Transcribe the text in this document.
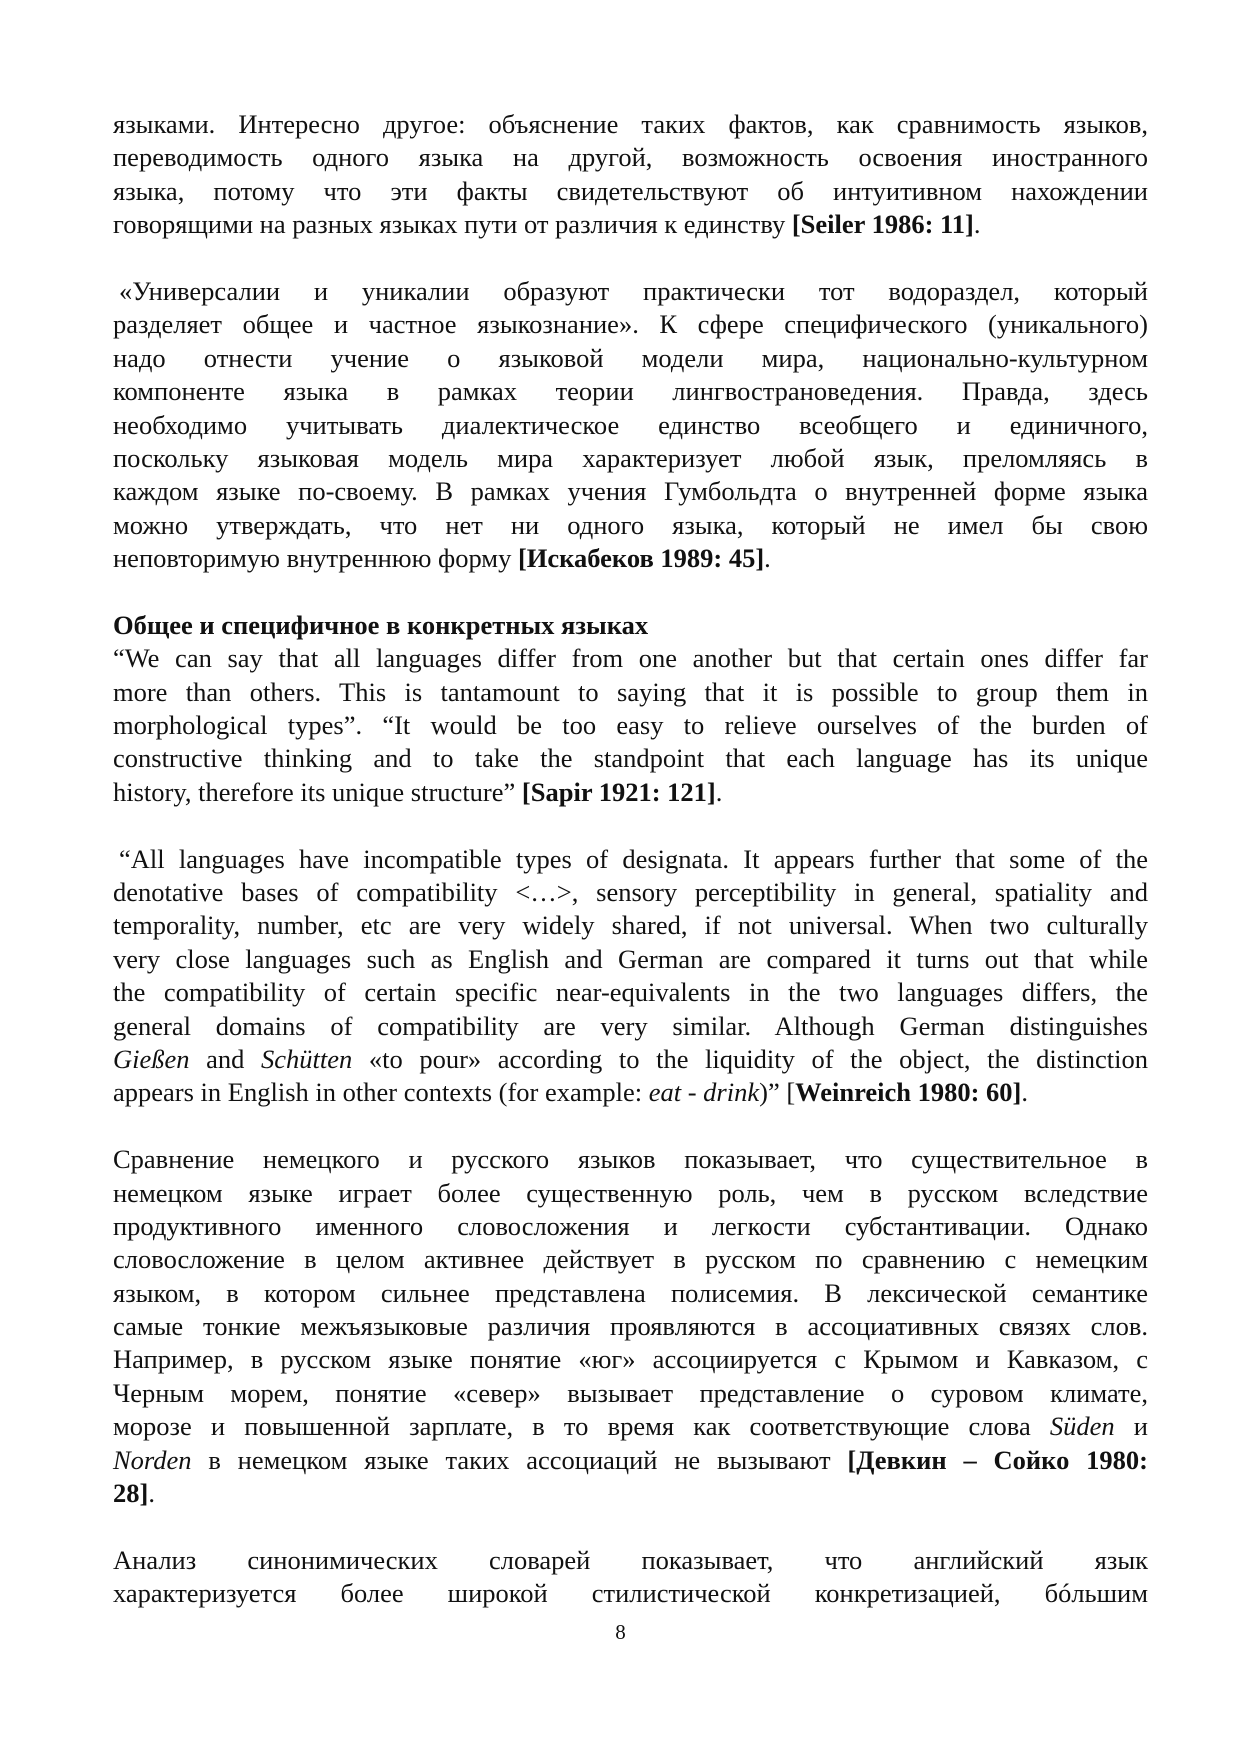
языками. Интересно другое: объяснение таких фактов, как сравнимость языков,
переводимость одного языка на другой, возможность освоения иностранного
языка, потому что эти факты свидетельствуют об интуитивном нахождении
говорящими на разных языках пути от различия к единству [Seiler 1986: 11].
«Универсалии и уникалии образуют практически тот водораздел, который
разделяет общее и частное языкознание». К сфере специфического (уникального)
надо отнести учение о языковой модели мира, национально-культурном
компоненте языка в рамках теории лингвострановедения. Правда, здесь
необходимо учитывать диалектическое единство всеобщего и единичного,
поскольку языковая модель мира характеризует любой язык, преломляясь в
каждом языке по-своему. В рамках учения Гумбольдта о внутренней форме языка
можно утверждать, что нет ни одного языка, который не имел бы свою
неповторимую внутреннюю форму [Искабеков 1989: 45].
Общее и специфичное в конкретных языках
“We can say that all languages differ from one another but that certain ones differ far
more than others. This is tantamount to saying that it is possible to group them in
morphological types”. “It would be too easy to relieve ourselves of the burden of
constructive thinking and to take the standpoint that each language has its unique
history, therefore its unique structure” [Sapir 1921: 121].
“All languages have incompatible types of designata. It appears further that some of the
denotative bases of compatibility <…>, sensory perceptibility in general, spatiality and
temporality, number, etc are very widely shared, if not universal. When two culturally
very close languages such as English and German are compared it turns out that while
the compatibility of certain specific near-equivalents in the two languages differs, the
general domains of compatibility are very similar. Although German distinguishes
Gießen and Schütten «to pour» according to the liquidity of the object, the distinction
appears in English in other contexts (for example: eat - drink)” [Weinreich 1980: 60].
Сравнение немецкого и русского языков показывает, что существительное в
немецком языке играет более существенную роль, чем в русском вследствие
продуктивного именного словосложения и легкости субстантивации. Однако
словосложение в целом активнее действует в русском по сравнению с немецким
языком, в котором сильнее представлена полисемия. В лексической семантике
самые тонкие межъязыковые различия проявляются в ассоциативных связях слов.
Например, в русском языке понятие «юг» ассоциируется с Крымом и Кавказом, с
Черным морем, понятие «север» вызывает представление о суровом климате,
морозе и повышенной зарплате, в то время как соответствующие слова Süden и
Norden в немецком языке таких ассоциаций не вызывают [Девкин – Сойко 1980:
28].
Анализ синонимических словарей показывает, что английский язык
характеризуется более широкой стилистической конкретизацией, бóльшим
8
